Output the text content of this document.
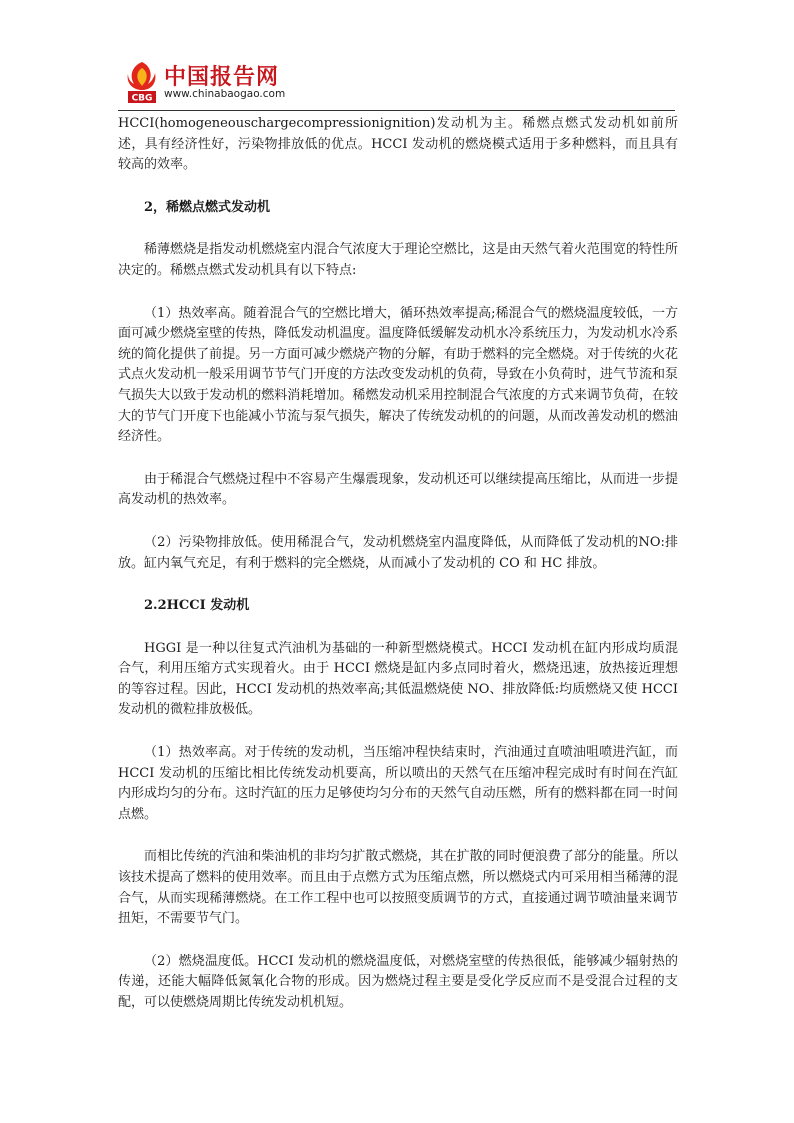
CBG
中国报告网
www.chinabaogao.com

HCCI(homogeneouschargecompressionignition)发动机为主。稀燃点燃式发动机如前所述，具有经济性好，污染物排放低的优点。HCCI 发动机的燃烧模式适用于多种燃料，而且具有较高的效率。

2，稀燃点燃式发动机

稀薄燃烧是指发动机燃烧室内混合气浓度大于理论空燃比，这是由天然气着火范围宽的特性所决定的。稀燃点燃式发动机具有以下特点:

（1）热效率高。随着混合气的空燃比增大，循环热效率提高;稀混合气的燃烧温度较低，一方面可减少燃烧室壁的传热，降低发动机温度。温度降低缓解发动机水冷系统压力，为发动机水冷系统的简化提供了前提。另一方面可减少燃烧产物的分解，有助于燃料的完全燃烧。对于传统的火花式点火发动机一般采用调节节气门开度的方法改变发动机的负荷，导致在小负荷时，进气节流和泵气损失大以致于发动机的燃料消耗增加。稀燃发动机采用控制混合气浓度的方式来调节负荷，在较大的节气门开度下也能减小节流与泵气损失，解决了传统发动机的的问题，从而改善发动机的燃油经济性。

由于稀混合气燃烧过程中不容易产生爆震现象，发动机还可以继续提高压缩比，从而进一步提高发动机的热效率。

（2）污染物排放低。使用稀混合气，发动机燃烧室内温度降低，从而降低了发动机的NO:排放。缸内氧气充足，有利于燃料的完全燃烧，从而减小了发动机的 CO 和 HC 排放。

2.2HCCI 发动机

HGGI 是一种以往复式汽油机为基础的一种新型燃烧模式。HCCI 发动机在缸内形成均质混合气，利用压缩方式实现着火。由于 HCCI 燃烧是缸内多点同时着火，燃烧迅速，放热接近理想的等容过程。因此，HCCI 发动机的热效率高;其低温燃烧使 NO、排放降低:均质燃烧又使 HCCI 发动机的微粒排放极低。

（1）热效率高。对于传统的发动机，当压缩冲程快结束时，汽油通过直喷油咀喷进汽缸，而 HCCI 发动机的压缩比相比传统发动机要高，所以喷出的天然气在压缩冲程完成时有时间在汽缸内形成均匀的分布。这时汽缸的压力足够使均匀分布的天然气自动压燃，所有的燃料都在同一时间点燃。

而相比传统的汽油和柴油机的非均匀扩散式燃烧，其在扩散的同时便浪费了部分的能量。所以该技术提高了燃料的使用效率。而且由于点燃方式为压缩点燃，所以燃烧式内可采用相当稀薄的混合气，从而实现稀薄燃烧。在工作工程中也可以按照变质调节的方式，直接通过调节喷油量来调节扭矩，不需要节气门。

（2）燃烧温度低。HCCI 发动机的燃烧温度低，对燃烧室壁的传热很低，能够减少辐射热的传递，还能大幅降低氮氧化合物的形成。因为燃烧过程主要是受化学反应而不是受混合过程的支配，可以使燃烧周期比传统发动机机短。
